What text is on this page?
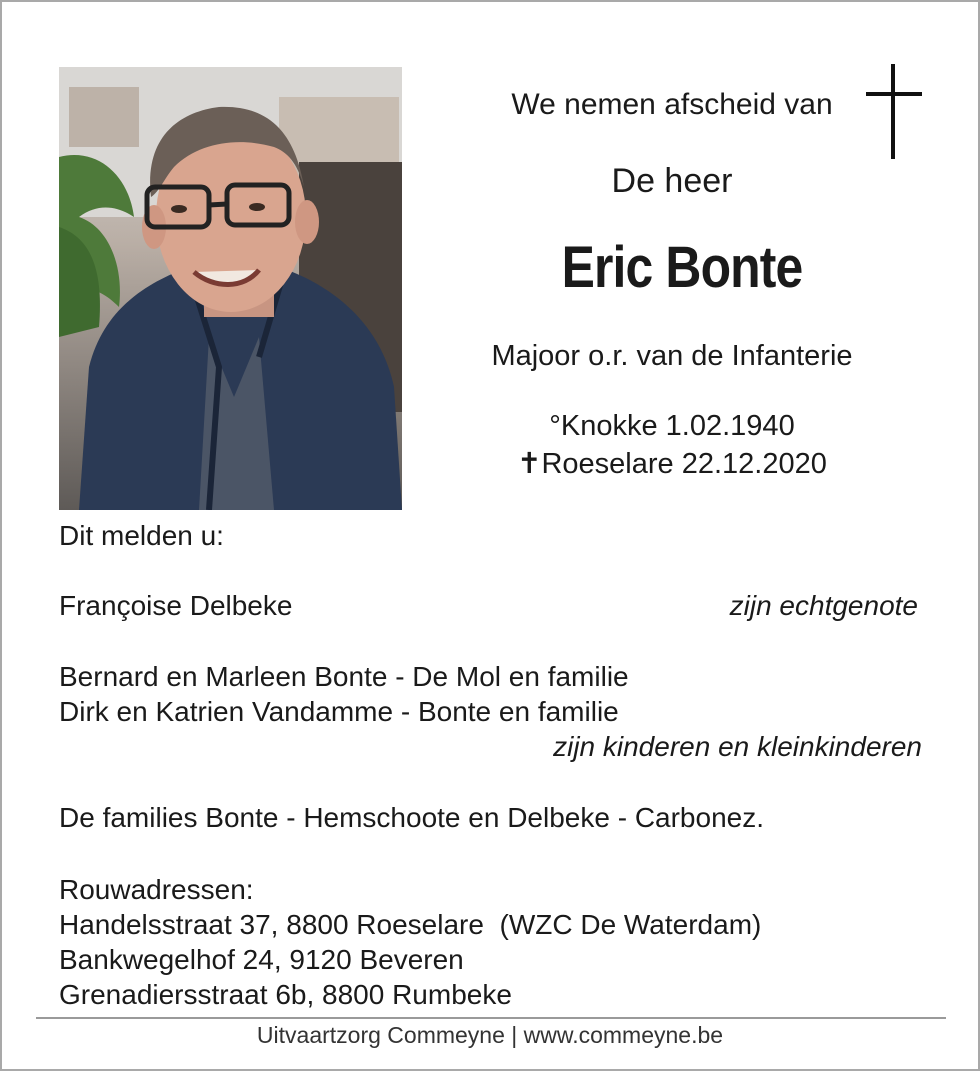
We nemen afscheid van
De heer
Eric Bonte
Majoor o.r. van de Infanterie
°Knokke 1.02.1940
✝Roeselare 22.12.2020
Dit melden u:
Françoise Delbeke	zijn echtgenote
Bernard en Marleen Bonte - De Mol en familie
Dirk en Katrien Vandamme - Bonte en familie
zijn kinderen en kleinkinderen
De families Bonte - Hemschoote en Delbeke - Carbonez.
Rouwadressen:
Handelsstraat 37, 8800 Roeselare  (WZC De Waterdam)
Bankwegelhof 24, 9120 Beveren
Grenadiersstraat 6b, 8800 Rumbeke
Uitvaartzorg Commeyne | www.commeyne.be
